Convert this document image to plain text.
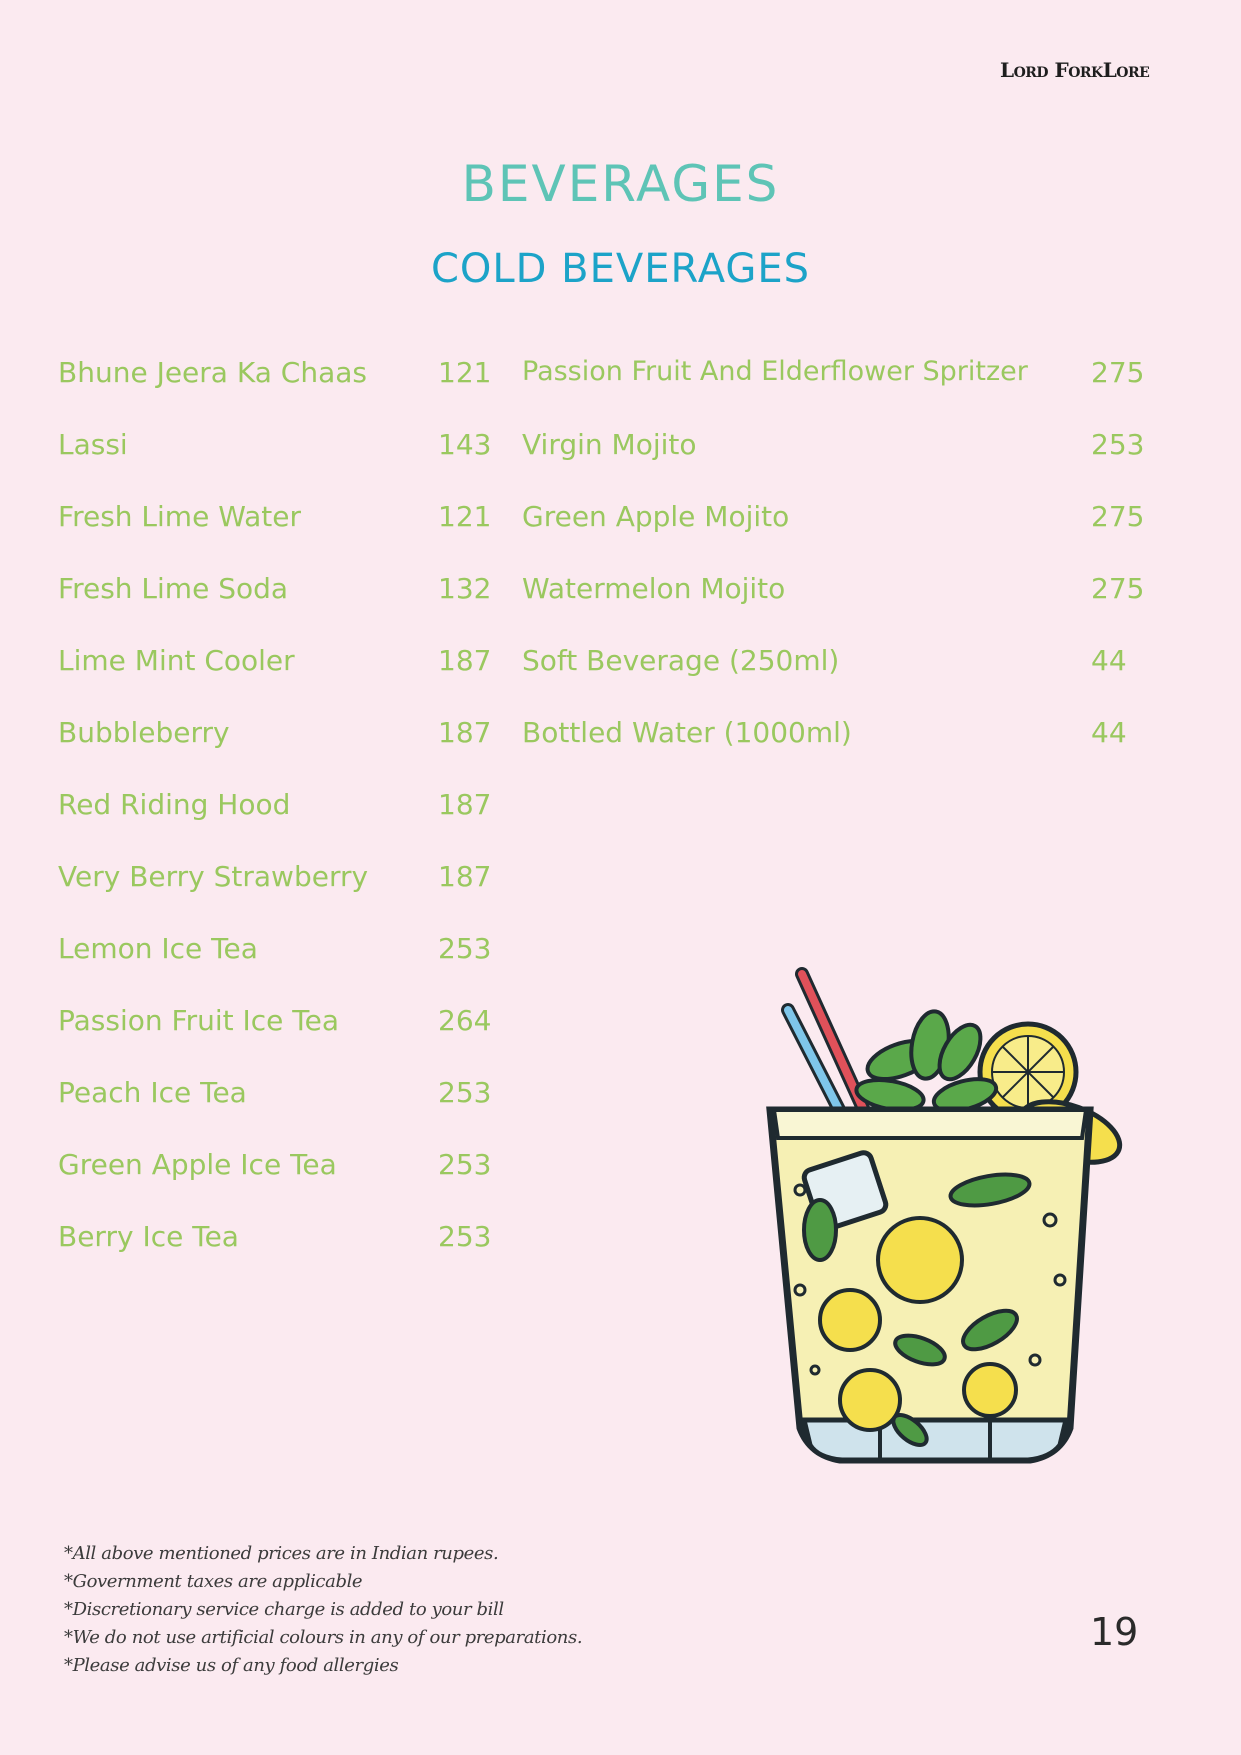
Lord ForkLore
BEVERAGES
COLD BEVERAGES
Bhune Jeera Ka Chaas	121
Lassi	143
Fresh Lime Water	121
Fresh Lime Soda	132
Lime Mint Cooler	187
Bubbleberry	187
Red Riding Hood	187
Very Berry Strawberry 187
Lemon Ice Tea	253
Passion Fruit Ice Tea	264
Peach Ice Tea	253
Green Apple Ice Tea	253
Berry Ice Tea	253
Passion Fruit And Elderflower Spritzer 275
Virgin Mojito	253
Green Apple Mojito	275
Watermelon Mojito	275
Soft Beverage (250ml)	44
Bottled Water (1000ml)	44
*All above mentioned prices are in Indian rupees.
*Government taxes are applicable
*Discretionary service charge is added to your bill
*We do not use artificial colours in any of our preparations.
*Please advise us of any food allergies
19
